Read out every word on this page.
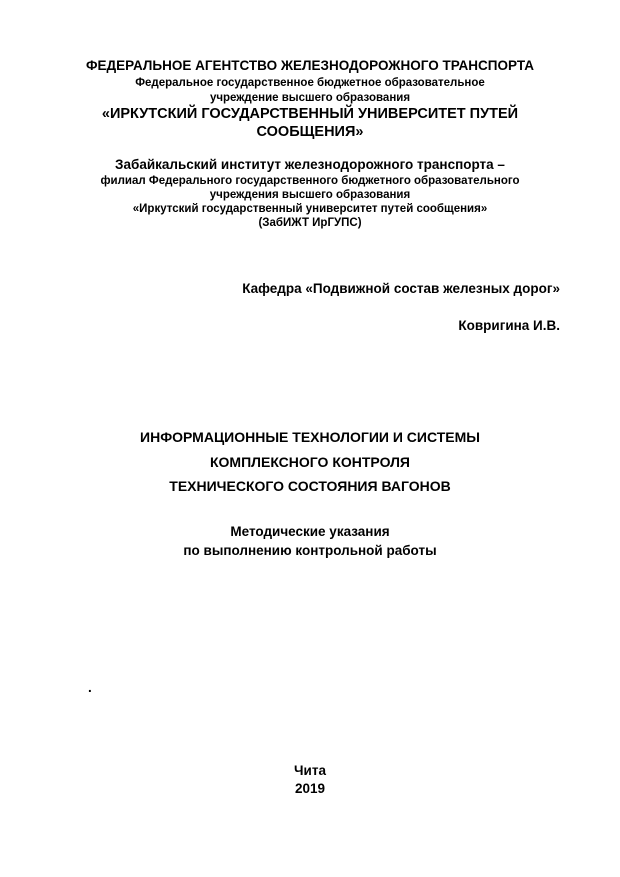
ФЕДЕРАЛЬНОЕ АГЕНТСТВО ЖЕЛЕЗНОДОРОЖНОГО ТРАНСПОРТА
Федеральное государственное бюджетное образовательное
учреждение высшего образования
«ИРКУТСКИЙ ГОСУДАРСТВЕННЫЙ УНИВЕРСИТЕТ ПУТЕЙ
СООБЩЕНИЯ»
Забайкальский институт железнодорожного транспорта –
филиал Федерального государственного бюджетного образовательного
учреждения высшего образования
«Иркутский государственный университет путей сообщения»
(ЗабИЖТ ИрГУПС)
Кафедра «Подвижной состав железных дорог»
Ковригина И.В.
ИНФОРМАЦИОННЫЕ ТЕХНОЛОГИИ И СИСТЕМЫ
КОМПЛЕКСНОГО КОНТРОЛЯ
ТЕХНИЧЕСКОГО СОСТОЯНИЯ ВАГОНОВ
Методические указания
по выполнению контрольной работы
.
Чита
2019
